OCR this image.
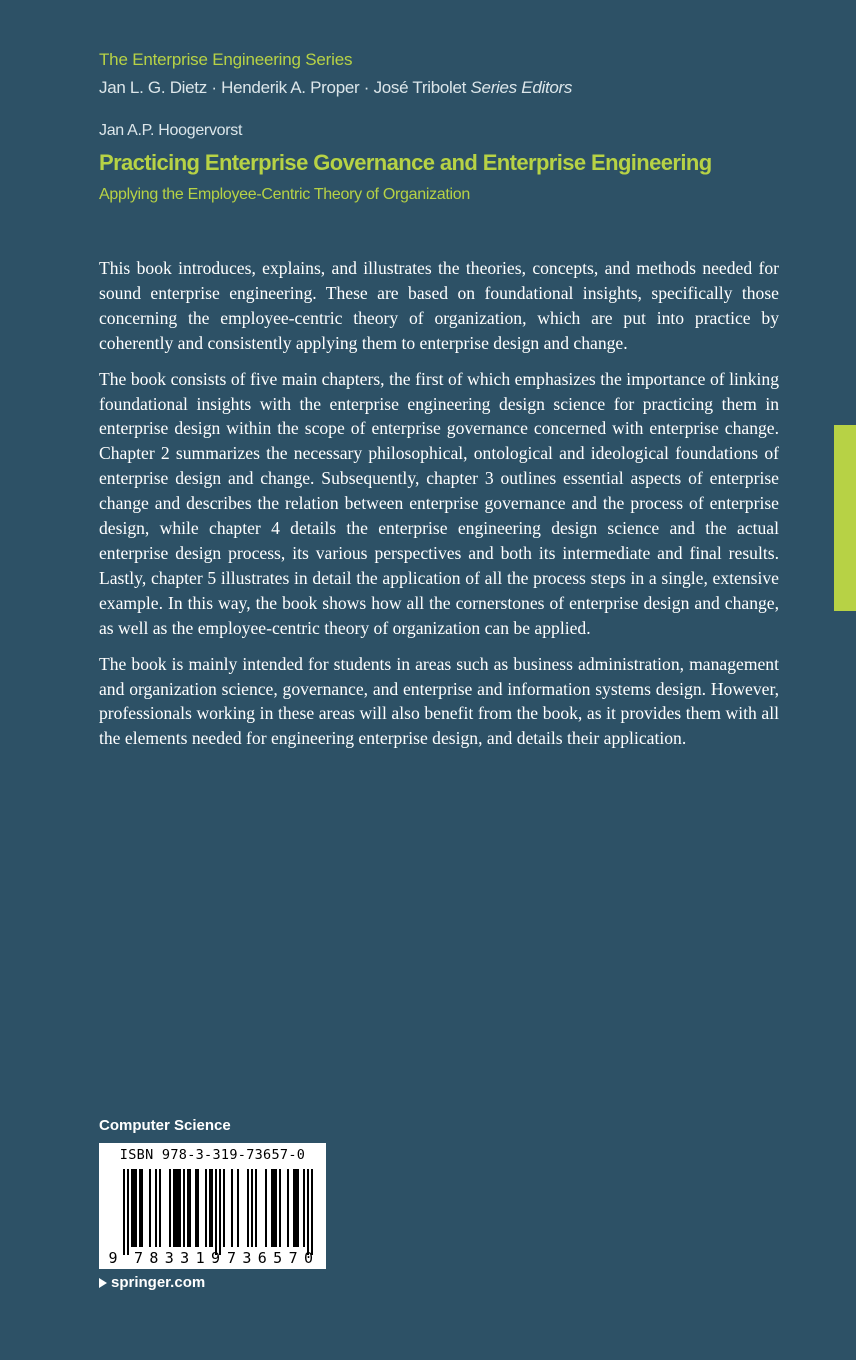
The Enterprise Engineering Series
Jan L. G. Dietz · Henderik A. Proper · José Tribolet Series Editors
Jan A.P. Hoogervorst
Practicing Enterprise Governance and Enterprise Engineering
Applying the Employee-Centric Theory of Organization

This book introduces, explains, and illustrates the theories, concepts, and methods needed for sound enterprise engineering. These are based on foundational insights, specifically those concerning the employee-centric theory of organization, which are put into practice by coherently and consistently applying them to enterprise design and change.

The book consists of five main chapters, the first of which emphasizes the importance of linking foundational insights with the enterprise engineering design science for practicing them in enterprise design within the scope of enterprise governance concerned with enterprise change. Chapter 2 summarizes the necessary philosophical, ontological and ideological foundations of enterprise design and change. Subsequently, chapter 3 outlines essential aspects of enterprise change and describes the relation between enterprise governance and the process of enterprise design, while chapter 4 details the enterprise engineering design science and the actual enterprise design process, its various perspectives and both its intermediate and final results. Lastly, chapter 5 illustrates in detail the application of all the process steps in a single, extensive example. In this way, the book shows how all the cornerstones of enterprise design and change, as well as the employee-centric theory of organization can be applied.

The book is mainly intended for students in areas such as business administration, management and organization science, governance, and enterprise and information systems design. However, professionals working in these areas will also benefit from the book, as it provides them with all the elements needed for engineering enterprise design, and details their application.

Computer Science
ISBN 978-3-319-73657-0
9 783319 736570
springer.com
